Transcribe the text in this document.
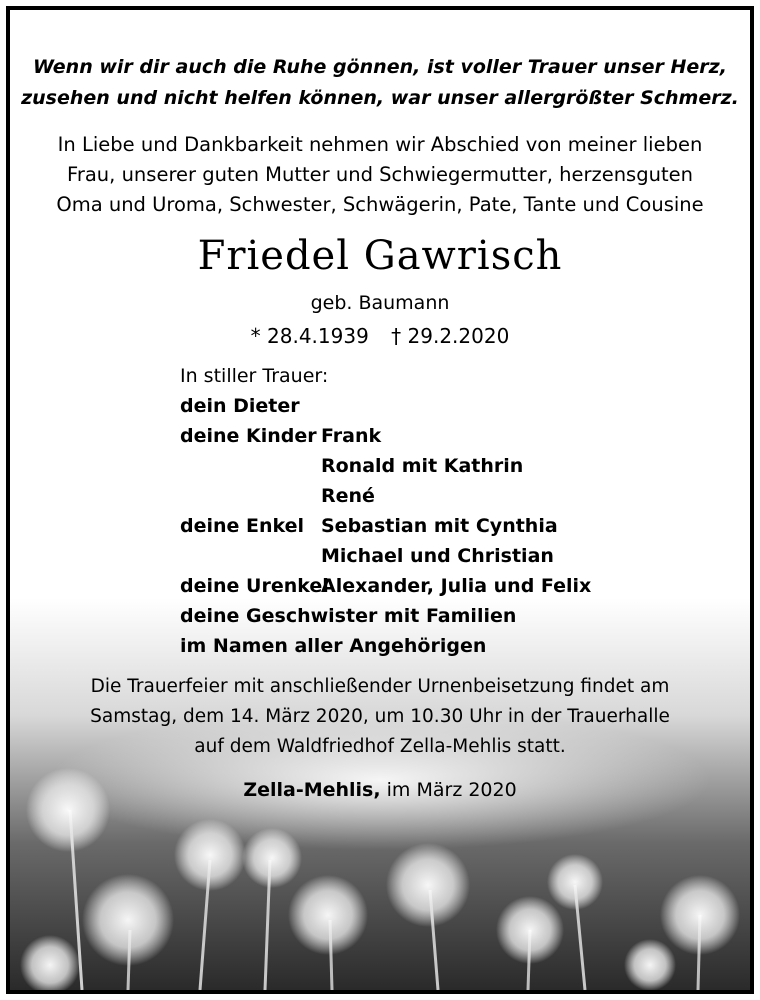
Wenn wir dir auch die Ruhe gönnen, ist voller Trauer unser Herz,
zusehen und nicht helfen können, war unser allergrößter Schmerz.
In Liebe und Dankbarkeit nehmen wir Abschied von meiner lieben
Frau, unserer guten Mutter und Schwiegermutter, herzensguten
Oma und Uroma, Schwester, Schwägerin, Pate, Tante und Cousine
Friedel Gawrisch
geb. Baumann
* 28.4.1939 † 29.2.2020
In stiller Trauer:
dein Dieter
deine Kinder Frank
Ronald mit Kathrin
René
deine Enkel Sebastian mit Cynthia
Michael und Christian
deine Urenkel
Alexander, Julia und Felix
deine Geschwister mit Familien
im Namen aller Angehörigen
Die Trauerfeier mit anschließender Urnenbeisetzung findet am
Samstag, dem 14. März 2020, um 10.30 Uhr in der Trauerhalle
auf dem Waldfriedhof Zella-Mehlis statt.
Zella-Mehlis, im März 2020
